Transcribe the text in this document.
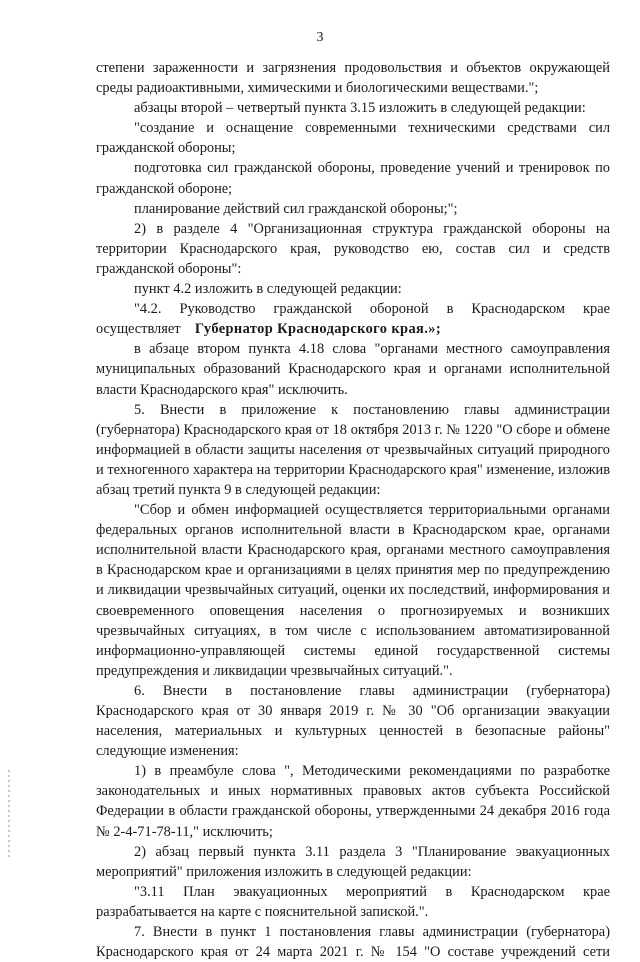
3

степени зараженности и загрязнения продовольствия и объектов окружающей среды радиоактивными, химическими и биологическими веществами.";

абзацы второй – четвертый пункта 3.15 изложить в следующей редакции:

"создание и оснащение современными техническими средствами сил гражданской обороны;

подготовка сил гражданской обороны, проведение учений и тренировок по гражданской обороне;

планирование действий сил гражданской обороны;";

2) в разделе 4 "Организационная структура гражданской обороны на территории Краснодарского края, руководство ею, состав сил и средств гражданской обороны":

пункт 4.2 изложить в следующей редакции:

"4.2. Руководство гражданской обороной в Краснодарском крае осуществляет Губернатор Краснодарского края.»;

в абзаце втором пункта 4.18 слова "органами местного самоуправления муниципальных образований Краснодарского края и органами исполнительной власти Краснодарского края" исключить.

5. Внести в приложение к постановлению главы администрации (губернатора) Краснодарского края от 18 октября 2013 г. № 1220 "О сборе и обмене информацией в области защиты населения от чрезвычайных ситуаций природного и техногенного характера на территории Краснодарского края" изменение, изложив абзац третий пункта 9 в следующей редакции:

"Сбор и обмен информацией осуществляется территориальными органами федеральных органов исполнительной власти в Краснодарском крае, органами исполнительной власти Краснодарского края, органами местного самоуправления в Краснодарском крае и организациями в целях принятия мер по предупреждению и ликвидации чрезвычайных ситуаций, оценки их последствий, информирования и своевременного оповещения населения о прогнозируемых и возникших чрезвычайных ситуациях, в том числе с использованием автоматизированной информационно-управляющей системы единой государственной системы предупреждения и ликвидации чрезвычайных ситуаций.".

6. Внести в постановление главы администрации (губернатора) Краснодарского края от 30 января 2019 г. № 30 "Об организации эвакуации населения, материальных и культурных ценностей в безопасные районы" следующие изменения:

1) в преамбуле слова ", Методическими рекомендациями по разработке законодательных и иных нормативных правовых актов субъекта Российской Федерации в области гражданской обороны, утвержденными 24 декабря 2016 года № 2-4-71-78-11," исключить;

2) абзац первый пункта 3.11 раздела 3 "Планирование эвакуационных мероприятий" приложения изложить в следующей редакции:

"3.11 План эвакуационных мероприятий в Краснодарском крае разрабатывается на карте с пояснительной запиской.".

7. Внести в пункт 1 постановления главы администрации (губернатора) Краснодарского края от 24 марта 2021 г. № 154 "О составе учреждений сети
